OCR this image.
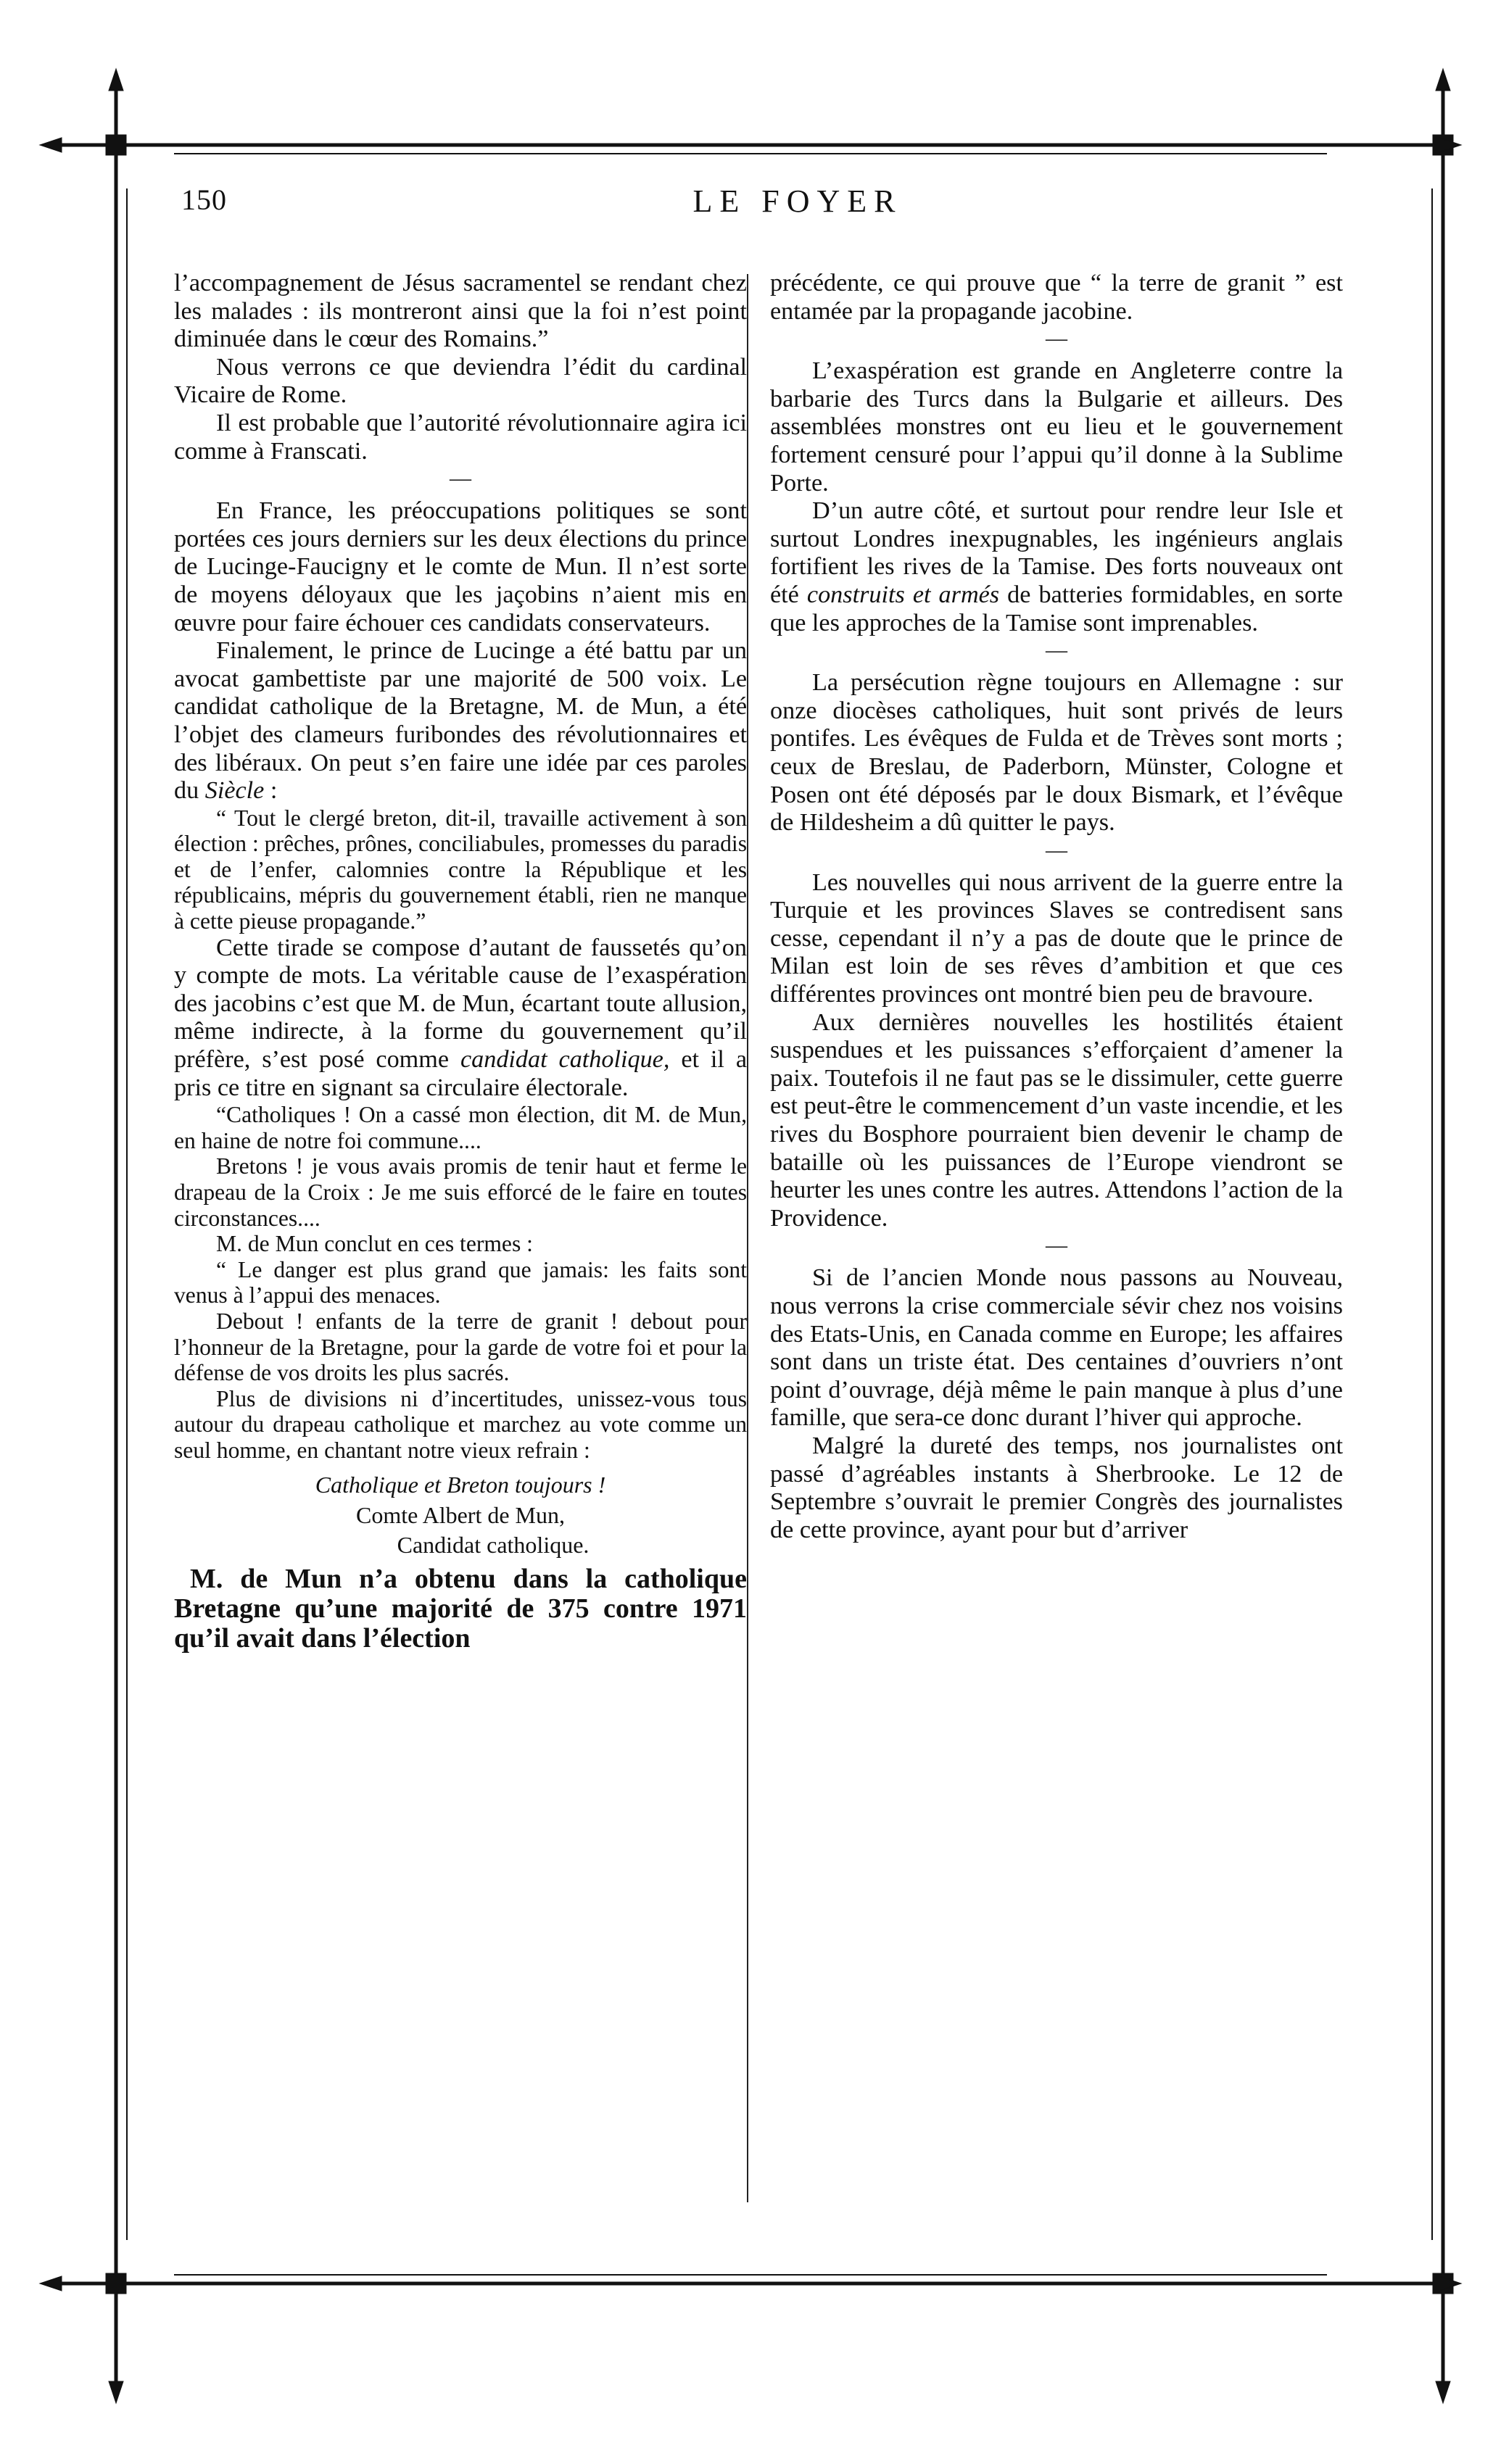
150	LE FOYER

l’accompagnement de Jésus sacramentel se rendant chez les malades : ils montreront ainsi que la foi n’est point diminuée dans le cœur des Romains.”

Nous verrons ce que deviendra l’édit du cardinal Vicaire de Rome.

Il est probable que l’autorité révolutionnaire agira ici comme à Franscati.

—

En France, les préoccupations politiques se sont portées ces jours derniers sur les deux élections du prince de Lucinge-Faucigny et le comte de Mun. Il n’est sorte de moyens déloyaux que les jaçobins n’aient mis en œuvre pour faire échouer ces candidats conservateurs.

Finalement, le prince de Lucinge a été battu par un avocat gambettiste par une majorité de 500 voix. Le candidat catholique de la Bretagne, M. de Mun, a été l’objet des clameurs furibondes des révolutionnaires et des libéraux. On peut s’en faire une idée par ces paroles du Siècle :

“ Tout le clergé breton, dit-il, travaille activement à son élection : prêches, prônes, conciliabules, promesses du paradis et de l’enfer, calomnies contre la République et les républicains, mépris du gouvernement établi, rien ne manque à cette pieuse propagande.”

Cette tirade se compose d’autant de faussetés qu’on y compte de mots. La véritable cause de l’exaspération des jacobins c’est que M. de Mun, écartant toute allusion, même indirecte, à la forme du gouvernement qu’il préfère, s’est posé comme candidat catholique, et il a pris ce titre en signant sa circulaire électorale.

“Catholiques ! On a cassé mon élection, dit M. de Mun, en haine de notre foi commune....

Bretons ! je vous avais promis de tenir haut et ferme le drapeau de la Croix : Je me suis efforcé de le faire en toutes circonstances....

M. de Mun conclut en ces termes :

“ Le danger est plus grand que jamais: les faits sont venus à l’appui des menaces.

Debout ! enfants de la terre de granit ! debout pour l’honneur de la Bretagne, pour la garde de votre foi et pour la défense de vos droits les plus sacrés.

Plus de divisions ni d’incertitudes, unissez-vous tous autour du drapeau catholique et marchez au vote comme un seul homme, en chantant notre vieux refrain :

Catholique et Breton toujours !
Comte Albert de Mun,
Candidat catholique.

M. de Mun n’a obtenu dans la catholique Bretagne qu’une majorité de 375 contre 1971 qu’il avait dans l’élection

précédente, ce qui prouve que “ la terre de granit ” est entamée par la propagande jacobine.

—

L’exaspération est grande en Angleterre contre la barbarie des Turcs dans la Bulgarie et ailleurs. Des assemblées monstres ont eu lieu et le gouvernement fortement censuré pour l’appui qu’il donne à la Sublime Porte.

D’un autre côté, et surtout pour rendre leur Isle et surtout Londres inexpugnables, les ingénieurs anglais fortifient les rives de la Tamise. Des forts nouveaux ont été construits et armés de batteries formidables, en sorte que les approches de la Tamise sont imprenables.

—

La persécution règne toujours en Allemagne : sur onze diocèses catholiques, huit sont privés de leurs pontifes. Les évêques de Fulda et de Trèves sont morts ; ceux de Breslau, de Paderborn, Münster, Cologne et Posen ont été déposés par le doux Bismark, et l’évêque de Hildesheim a dû quitter le pays.

—

Les nouvelles qui nous arrivent de la guerre entre la Turquie et les provinces Slaves se contredisent sans cesse, cependant il n’y a pas de doute que le prince de Milan est loin de ses rêves d’ambition et que ces différentes provinces ont montré bien peu de bravoure.

Aux dernières nouvelles les hostilités étaient suspendues et les puissances s’efforçaient d’amener la paix. Toutefois il ne faut pas se le dissimuler, cette guerre est peut-être le commencement d’un vaste incendie, et les rives du Bosphore pourraient bien devenir le champ de bataille où les puissances de l’Europe viendront se heurter les unes contre les autres. Attendons l’action de la Providence.

—

Si de l’ancien Monde nous passons au Nouveau, nous verrons la crise commerciale sévir chez nos voisins des Etats-Unis, en Canada comme en Europe; les affaires sont dans un triste état. Des centaines d’ouvriers n’ont point d’ouvrage, déjà même le pain manque à plus d’une famille, que sera-ce donc durant l’hiver qui approche.

Malgré la dureté des temps, nos journalistes ont passé d’agréables instants à Sherbrooke. Le 12 de Septembre s’ouvrait le premier Congrès des journalistes de cette province, ayant pour but d’arriver
